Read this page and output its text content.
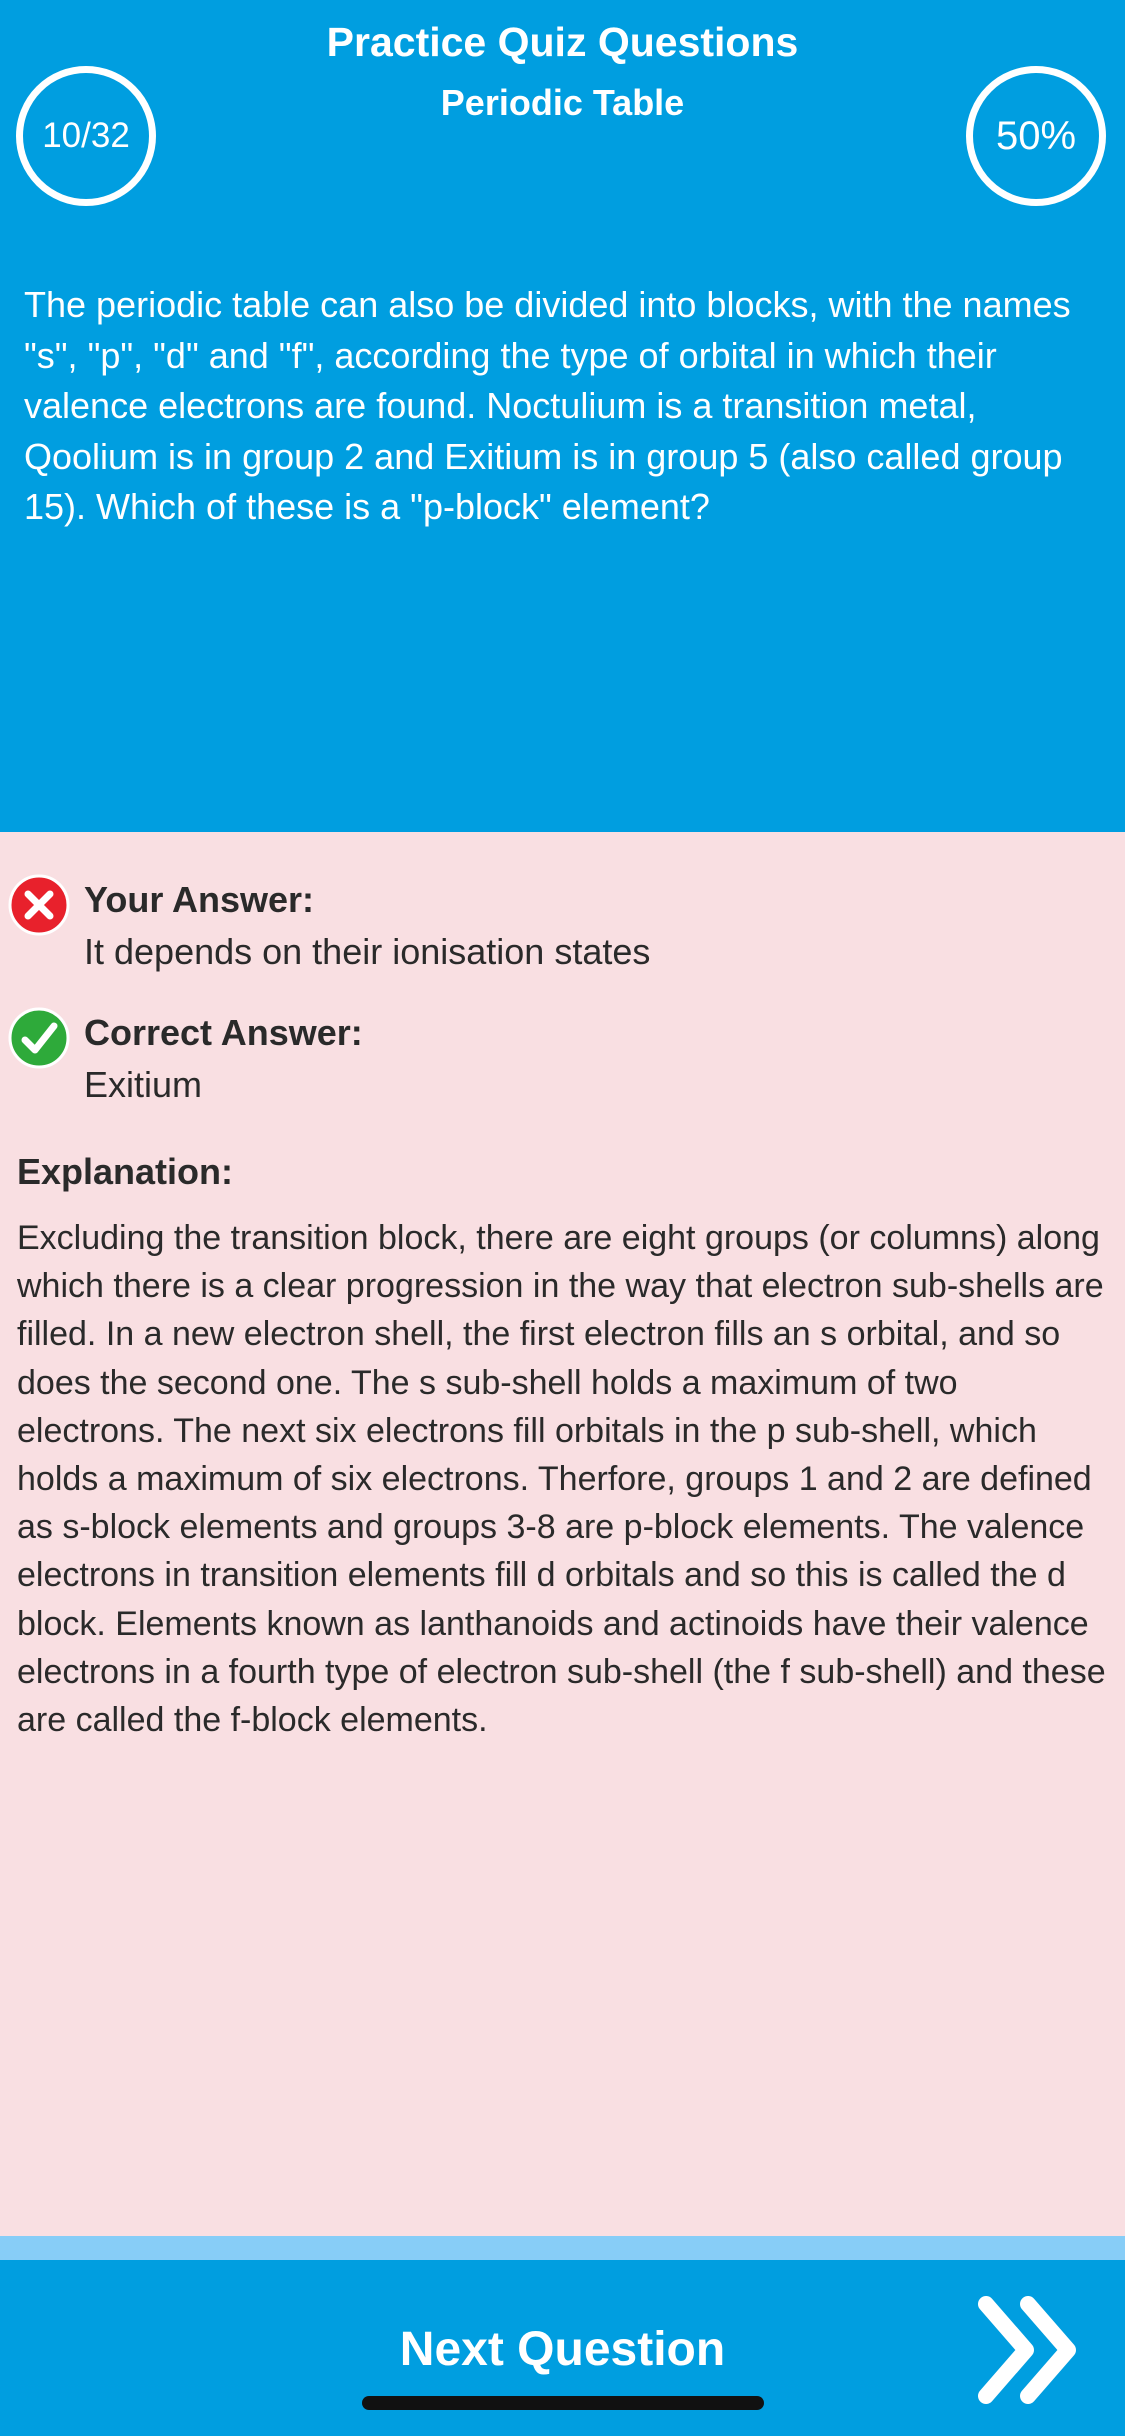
Practice Quiz Questions
Periodic Table
10/32	50%
The periodic table can also be divided into blocks, with the names "s", "p", "d" and "f", according the type of orbital in which their valence electrons are found. Noctulium is a transition metal, Qoolium is in group 2 and Exitium is in group 5 (also called group 15). Which of these is a "p-block" element?
Your Answer:
It depends on their ionisation states
Correct Answer:
Exitium
Explanation:
Excluding the transition block, there are eight groups (or columns) along which there is a clear progression in the way that electron sub-shells are filled. In a new electron shell, the first electron fills an s orbital, and so does the second one. The s sub-shell holds a maximum of two electrons. The next six electrons fill orbitals in the p sub-shell, which holds a maximum of six electrons. Therfore, groups 1 and 2 are defined as s-block elements and groups 3-8 are p-block elements. The valence electrons in transition elements fill d orbitals and so this is called the d block. Elements known as lanthanoids and actinoids have their valence electrons in a fourth type of electron sub-shell (the f sub-shell) and these are called the f-block elements.
Next Question
